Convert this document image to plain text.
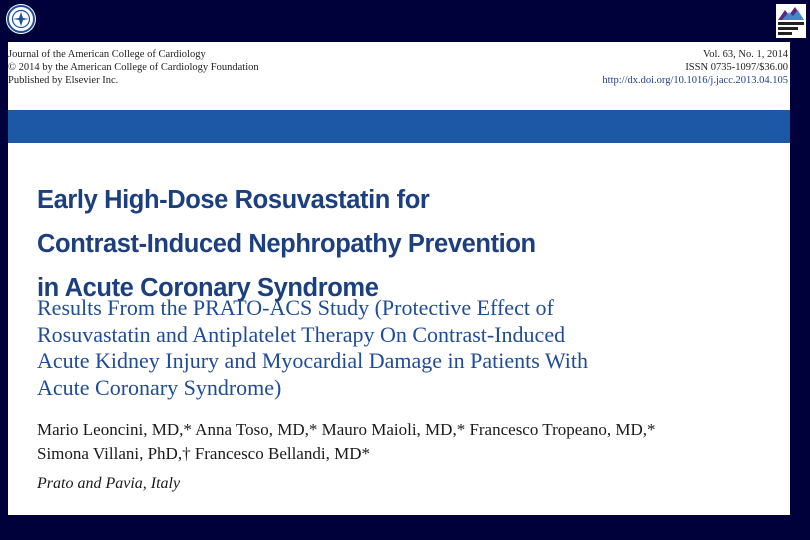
Journal of the American College of Cardiology
© 2014 by the American College of Cardiology Foundation
Published by Elsevier Inc.
Vol. 63, No. 1, 2014
ISSN 0735-1097/$36.00
http://dx.doi.org/10.1016/j.jacc.2013.04.105
Early High-Dose Rosuvastatin for
Contrast-Induced Nephropathy Prevention
in Acute Coronary Syndrome
Results From the PRATO-ACS Study (Protective Effect of
Rosuvastatin and Antiplatelet Therapy On Contrast-Induced
Acute Kidney Injury and Myocardial Damage in Patients With
Acute Coronary Syndrome)
Mario Leoncini, MD,* Anna Toso, MD,* Mauro Maioli, MD,* Francesco Tropeano, MD,*
Simona Villani, PhD,† Francesco Bellandi, MD*
Prato and Pavia, Italy
